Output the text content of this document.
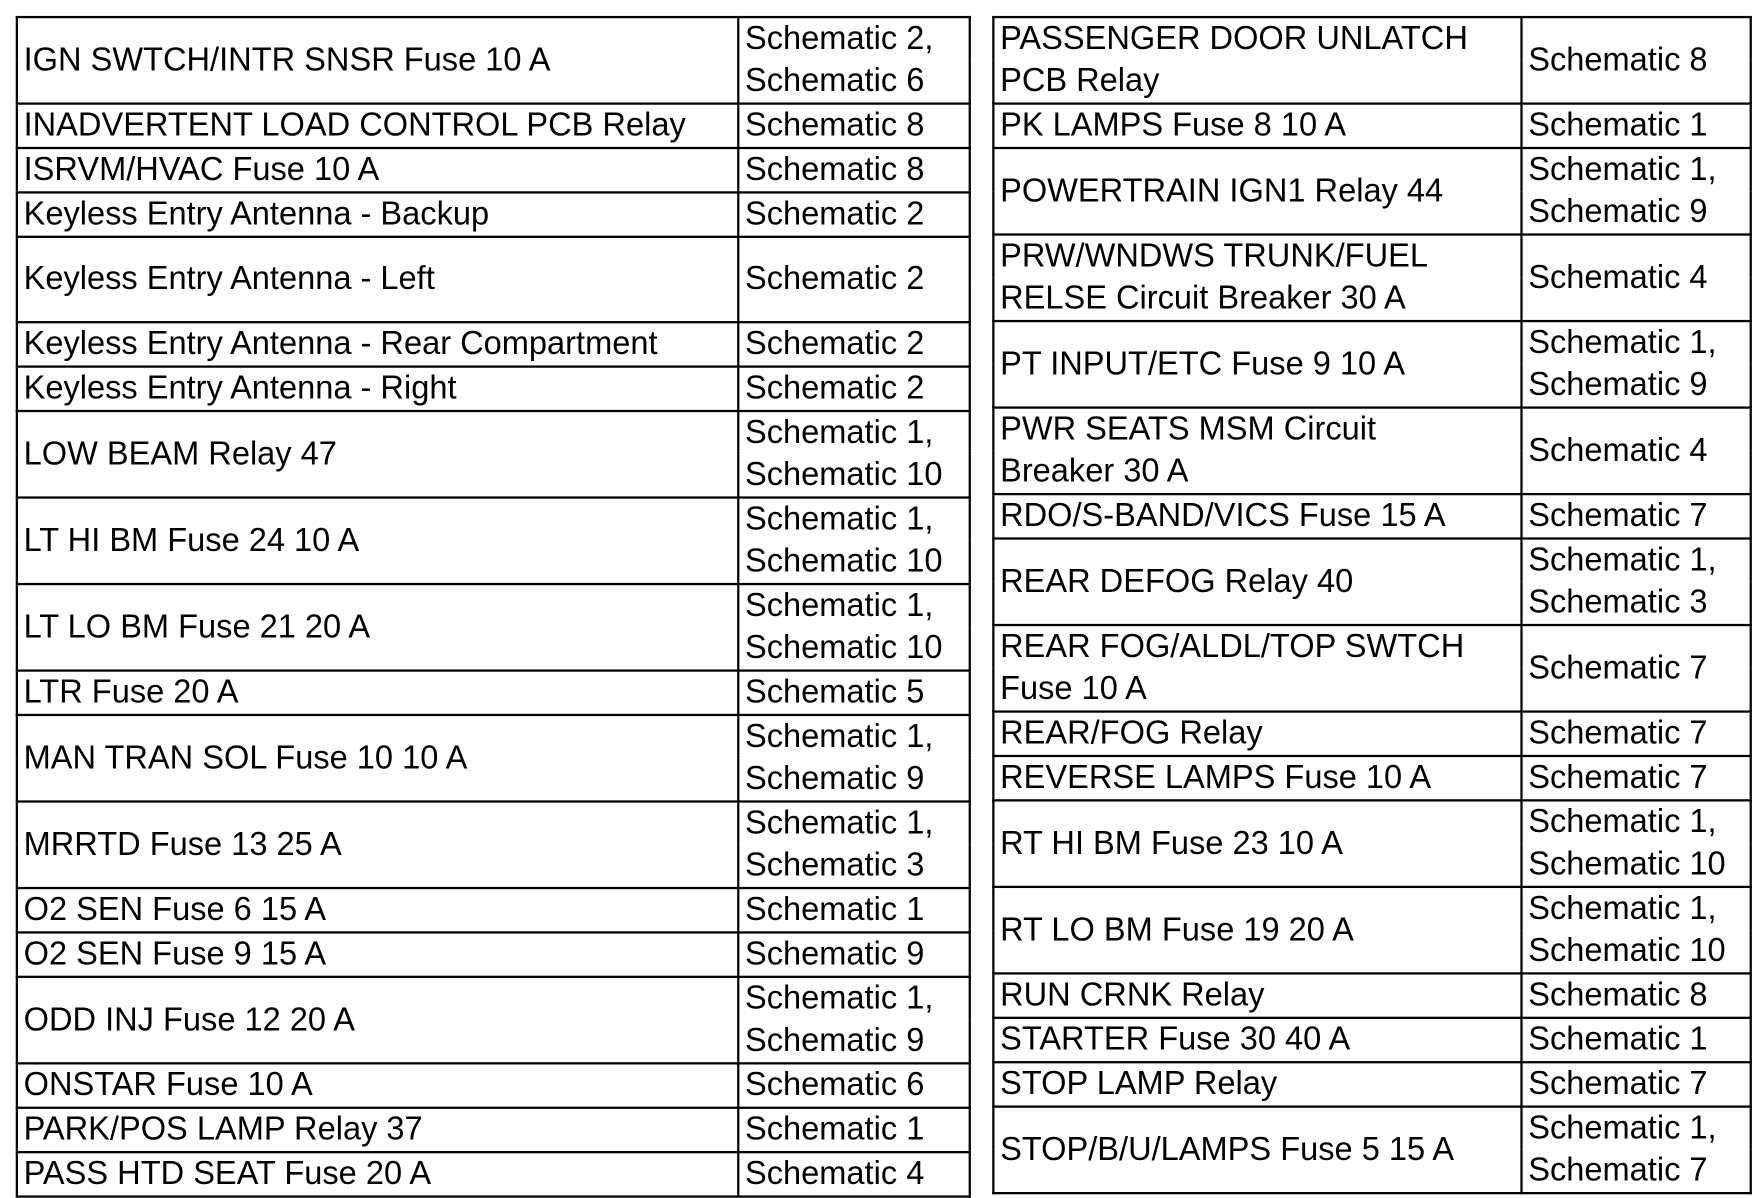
IGN SWTCH/INTR SNSR Fuse 10 A	Schematic 2,
Schematic 6

INADVERTENT LOAD CONTROL PCB Relay	Schematic 8

ISRVM/HVAC Fuse 10 A	Schematic 8

Keyless Entry Antenna - Backup	Schematic 2

Keyless Entry Antenna - Left	Schematic 2

Keyless Entry Antenna - Rear Compartment	Schematic 2

Keyless Entry Antenna - Right	Schematic 2

LOW BEAM Relay 47	Schematic 1,
Schematic 10

LT HI BM Fuse 24 10 A	Schematic 1,
Schematic 10

LT LO BM Fuse 21 20 A	Schematic 1,
Schematic 10

LTR Fuse 20 A	Schematic 5

MAN TRAN SOL Fuse 10 10 A	Schematic 1,
Schematic 9

MRRTD Fuse 13 25 A	Schematic 1,
Schematic 3

O2 SEN Fuse 6 15 A	Schematic 1

O2 SEN Fuse 9 15 A	Schematic 9

ODD INJ Fuse 12 20 A	Schematic 1,
Schematic 9

ONSTAR Fuse 10 A	Schematic 6

PARK/POS LAMP Relay 37	Schematic 1

PASS HTD SEAT Fuse 20 A	Schematic 4
PASSENGER DOOR UNLATCH
PCB Relay	Schematic 8

PK LAMPS Fuse 8 10 A	Schematic 1

POWERTRAIN IGN1 Relay 44	Schematic 1,
Schematic 9

PRW/WNDWS TRUNK/FUEL
RELSE Circuit Breaker 30 A	Schematic 4

PT INPUT/ETC Fuse 9 10 A	Schematic 1,
Schematic 9

PWR SEATS MSM Circuit
Breaker 30 A	Schematic 4

RDO/S-BAND/VICS Fuse 15 A	Schematic 7

REAR DEFOG Relay 40	Schematic 1,
Schematic 3

REAR FOG/ALDL/TOP SWTCH
Fuse 10 A	Schematic 7

REAR/FOG Relay	Schematic 7

REVERSE LAMPS Fuse 10 A	Schematic 7

RT HI BM Fuse 23 10 A	Schematic 1,
Schematic 10

RT LO BM Fuse 19 20 A	Schematic 1,
Schematic 10

RUN CRNK Relay	Schematic 8

STARTER Fuse 30 40 A	Schematic 1

STOP LAMP Relay	Schematic 7

STOP/B/U/LAMPS Fuse 5 15 A	Schematic 1,
Schematic 7
